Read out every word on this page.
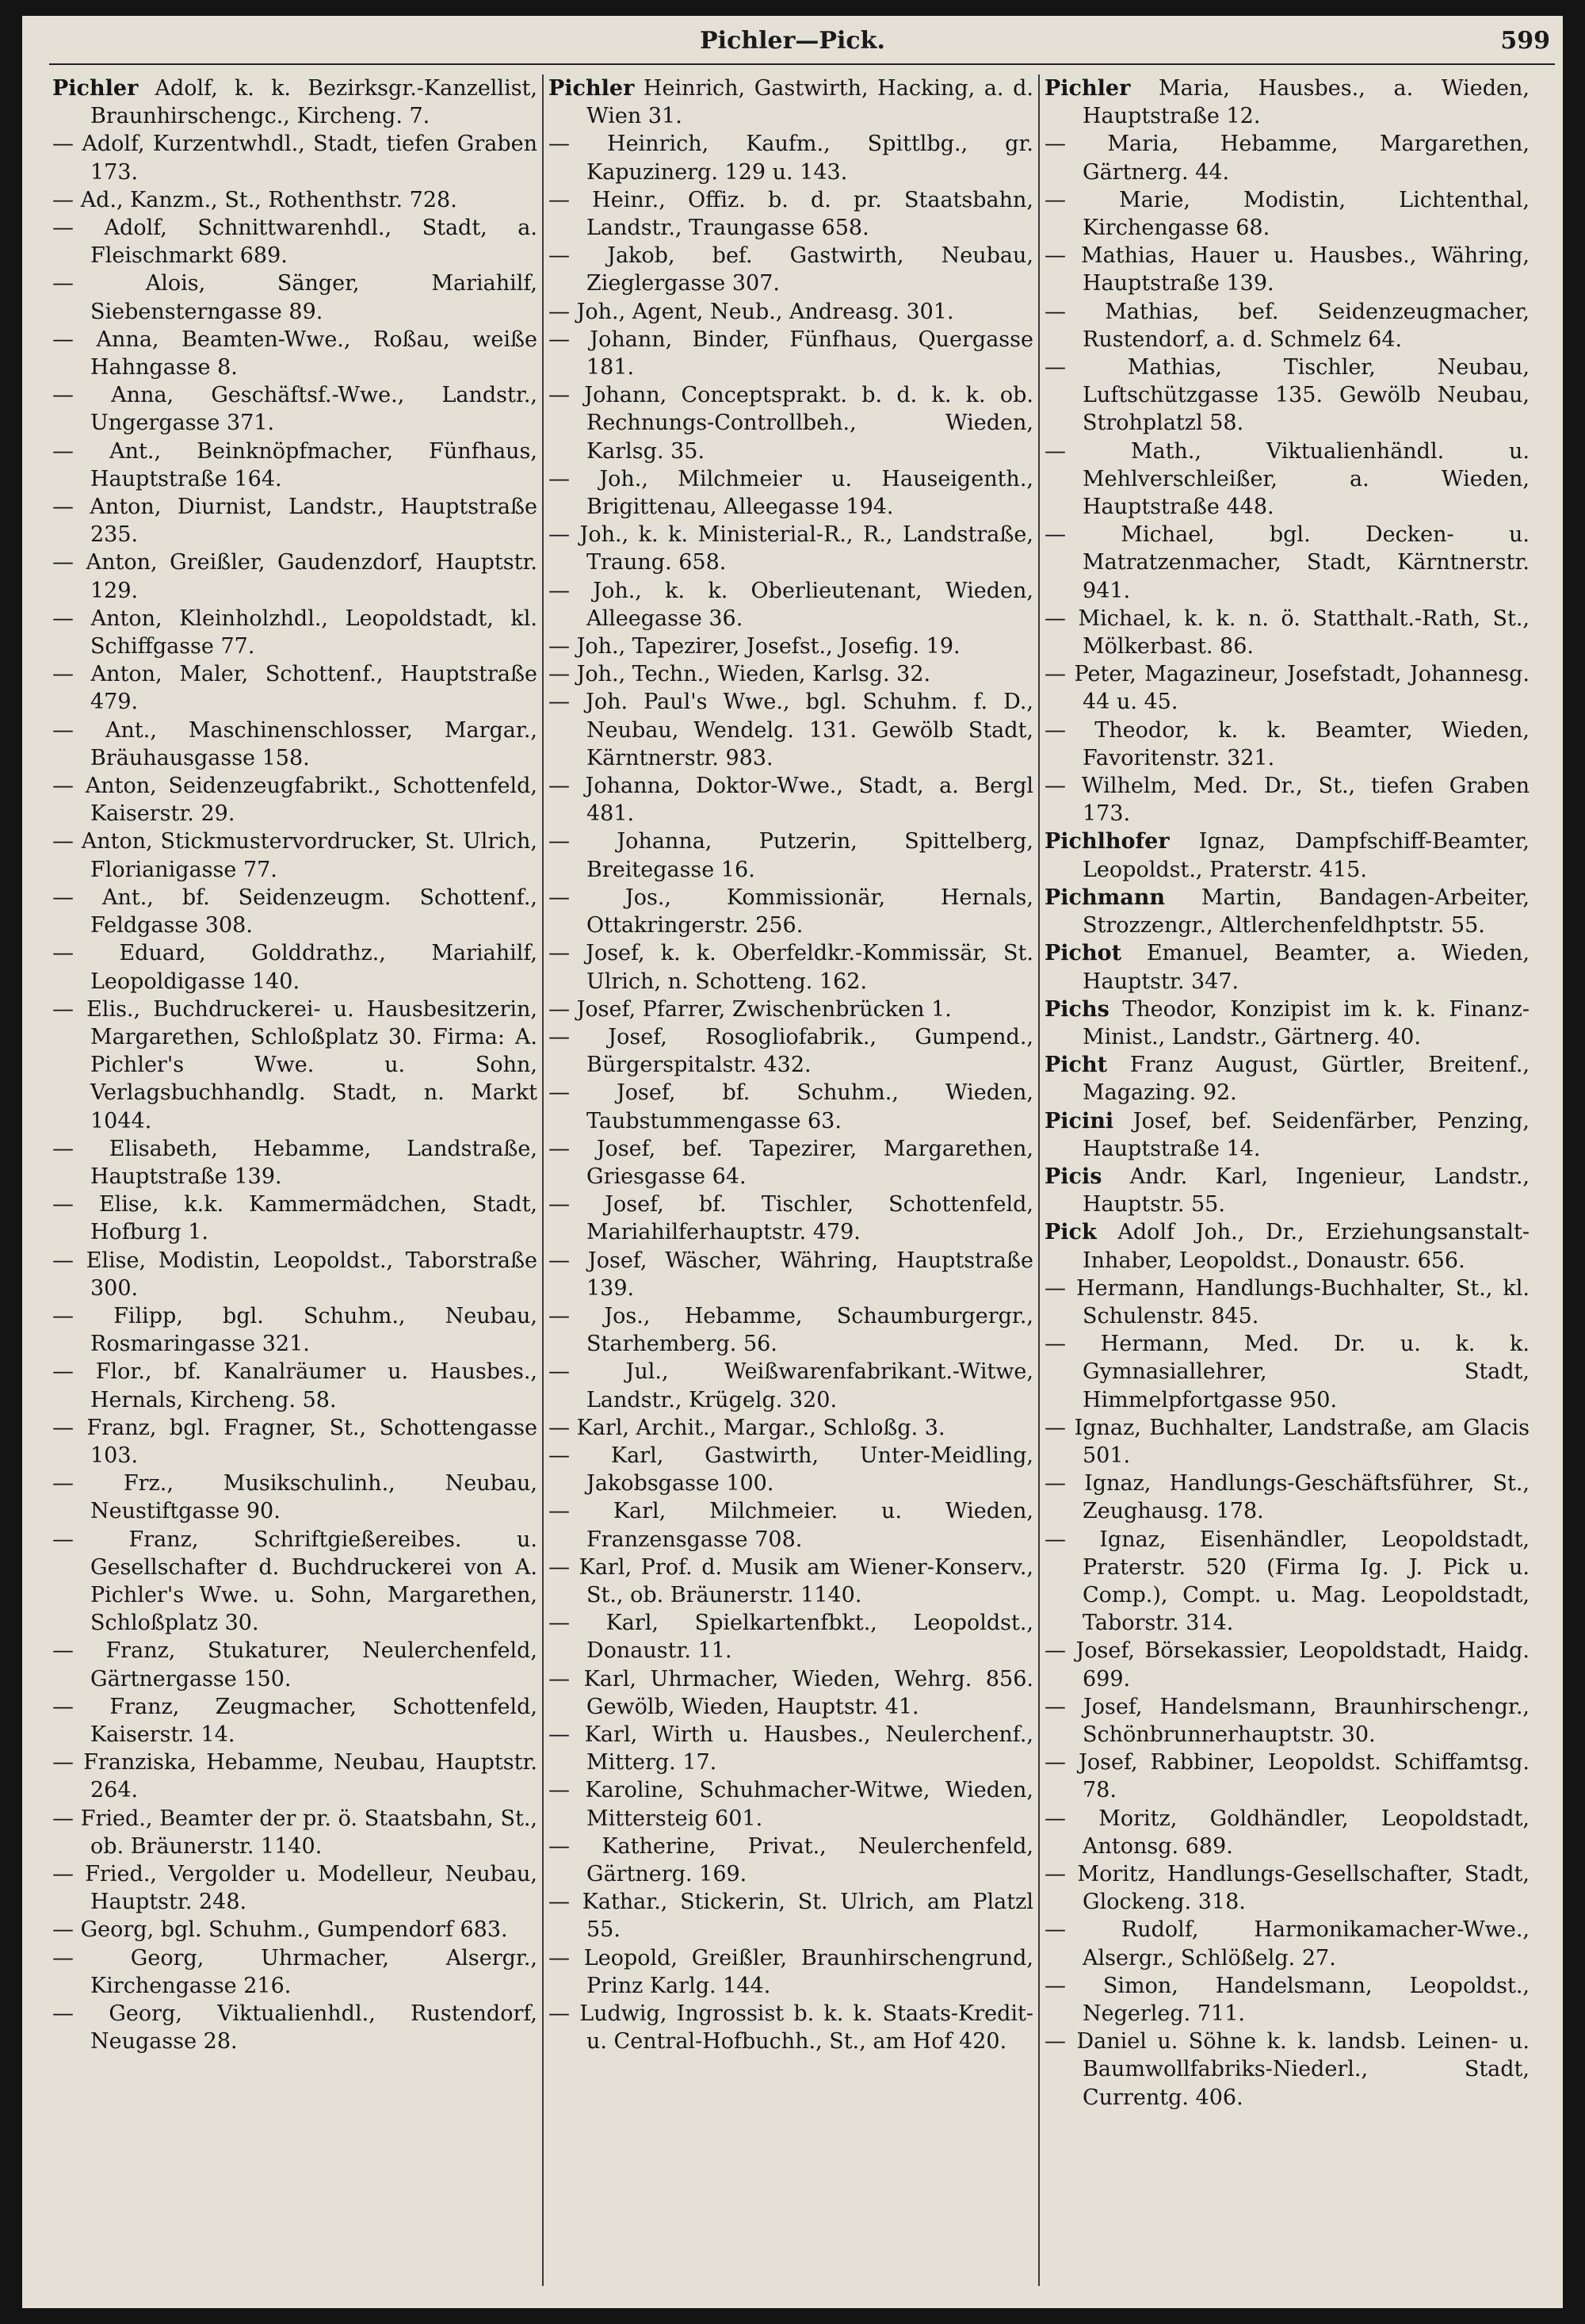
Pichler—Pick.	599
Pichler Adolf, k. k. Bezirksgr.-Kanzellist, Braunhirschengc., Kircheng. 7.
— Adolf, Kurzentwhdl., Stadt, tiefen Graben 173.
— Ad., Kanzm., St., Rothenthstr. 728.
— Adolf, Schnittwarenhdl., Stadt, a. Fleischmarkt 689.
— Alois, Sänger, Mariahilf, Siebensterngasse 89.
— Anna, Beamten-Wwe., Roßau, weiße Hahngasse 8.
— Anna, Geschäftsf.-Wwe., Landstr., Ungergasse 371.
— Ant., Beinknöpfmacher, Fünfhaus, Hauptstraße 164.
— Anton, Diurnist, Landstr., Hauptstraße 235.
— Anton, Greißler, Gaudenzdorf, Hauptstr. 129.
— Anton, Kleinholzhdl., Leopoldstadt, kl. Schiffgasse 77.
— Anton, Maler, Schottenf., Hauptstraße 479.
— Ant., Maschinenschlosser, Margar., Bräuhausgasse 158.
— Anton, Seidenzeugfabrikt., Schottenfeld, Kaiserstr. 29.
— Anton, Stickmustervordrucker, St. Ulrich, Florianigasse 77.
— Ant., bf. Seidenzeugm. Schottenf., Feldgasse 308.
— Eduard, Golddrathz., Mariahilf, Leopoldigasse 140.
— Elis., Buchdruckerei- u. Hausbesitzerin, Margarethen, Schloßplatz 30. Firma: A. Pichler's Wwe. u. Sohn, Verlagsbuchhandlg. Stadt, n. Markt 1044.
— Elisabeth, Hebamme, Landstraße, Hauptstraße 139.
— Elise, k.k. Kammermädchen, Stadt, Hofburg 1.
— Elise, Modistin, Leopoldst., Taborstraße 300.
— Filipp, bgl. Schuhm., Neubau, Rosmaringasse 321.
— Flor., bf. Kanalräumer u. Hausbes., Hernals, Kircheng. 58.
— Franz, bgl. Fragner, St., Schottengasse 103.
— Frz., Musikschulinh., Neubau, Neustiftgasse 90.
— Franz, Schriftgießereibes. u. Gesellschafter d. Buchdruckerei von A. Pichler's Wwe. u. Sohn, Margarethen, Schloßplatz 30.
— Franz, Stukaturer, Neulerchenfeld, Gärtnergasse 150.
— Franz, Zeugmacher, Schottenfeld, Kaiserstr. 14.
— Franziska, Hebamme, Neubau, Hauptstr. 264.
— Fried., Beamter der pr. ö. Staatsbahn, St., ob. Bräunerstr. 1140.
— Fried., Vergolder u. Modelleur, Neubau, Hauptstr. 248.
— Georg, bgl. Schuhm., Gumpendorf 683.
— Georg, Uhrmacher, Alsergr., Kirchengasse 216.
— Georg, Viktualienhdl., Rustendorf, Neugasse 28.
Pichler Heinrich, Gastwirth, Hacking, a. d. Wien 31.
— Heinrich, Kaufm., Spittlbg., gr. Kapuzinerg. 129 u. 143.
— Heinr., Offiz. b. d. pr. Staatsbahn, Landstr., Traungasse 658.
— Jakob, bef. Gastwirth, Neubau, Zieglergasse 307.
— Joh., Agent, Neub., Andreasg. 301.
— Johann, Binder, Fünfhaus, Quergasse 181.
— Johann, Conceptsprakt. b. d. k. k. ob. Rechnungs-Controllbeh., Wieden, Karlsg. 35.
— Joh., Milchmeier u. Hauseigenth., Brigittenau, Alleegasse 194.
— Joh., k. k. Ministerial-R., R., Landstraße, Traung. 658.
— Joh., k. k. Oberlieutenant, Wieden, Alleegasse 36.
— Joh., Tapezirer, Josefst., Josefig. 19.
— Joh., Techn., Wieden, Karlsg. 32.
— Joh. Paul's Wwe., bgl. Schuhm. f. D., Neubau, Wendelg. 131. Gewölb Stadt, Kärntnerstr. 983.
— Johanna, Doktor-Wwe., Stadt, a. Bergl 481.
— Johanna, Putzerin, Spittelberg, Breitegasse 16.
— Jos., Kommissionär, Hernals, Ottakringerstr. 256.
— Josef, k. k. Oberfeldkr.-Kommissär, St. Ulrich, n. Schotteng. 162.
— Josef, Pfarrer, Zwischenbrücken 1.
— Josef, Rosogliofabrik., Gumpend., Bürgerspitalstr. 432.
— Josef, bf. Schuhm., Wieden, Taubstummengasse 63.
— Josef, bef. Tapezirer, Margarethen, Griesgasse 64.
— Josef, bf. Tischler, Schottenfeld, Mariahilferhauptstr. 479.
— Josef, Wäscher, Währing, Hauptstraße 139.
— Jos., Hebamme, Schaumburgergr., Starhemberg. 56.
— Jul., Weißwarenfabrikant.-Witwe, Landstr., Krügelg. 320.
— Karl, Archit., Margar., Schloßg. 3.
— Karl, Gastwirth, Unter-Meidling, Jakobsgasse 100.
— Karl, Milchmeier. u. Wieden, Franzensgasse 708.
— Karl, Prof. d. Musik am Wiener-Konserv., St., ob. Bräunerstr. 1140.
— Karl, Spielkartenfbkt., Leopoldst., Donaustr. 11.
— Karl, Uhrmacher, Wieden, Wehrg. 856. Gewölb, Wieden, Hauptstr. 41.
— Karl, Wirth u. Hausbes., Neulerchenf., Mitterg. 17.
— Karoline, Schuhmacher-Witwe, Wieden, Mittersteig 601.
— Katherine, Privat., Neulerchenfeld, Gärtnerg. 169.
— Kathar., Stickerin, St. Ulrich, am Platzl 55.
— Leopold, Greißler, Braunhirschengrund, Prinz Karlg. 144.
— Ludwig, Ingrossist b. k. k. Staats-Kredit- u. Central-Hofbuchh., St., am Hof 420.
Pichler Maria, Hausbes., a. Wieden, Hauptstraße 12.
— Maria, Hebamme, Margarethen, Gärtnerg. 44.
— Marie, Modistin, Lichtenthal, Kirchengasse 68.
— Mathias, Hauer u. Hausbes., Währing, Hauptstraße 139.
— Mathias, bef. Seidenzeugmacher, Rustendorf, a. d. Schmelz 64.
— Mathias, Tischler, Neubau, Luftschützgasse 135. Gewölb Neubau, Strohplatzl 58.
— Math., Viktualienhändl. u. Mehlverschleißer, a. Wieden, Hauptstraße 448.
— Michael, bgl. Decken- u. Matratzenmacher, Stadt, Kärntnerstr. 941.
— Michael, k. k. n. ö. Statthalt.-Rath, St., Mölkerbast. 86.
— Peter, Magazineur, Josefstadt, Johannesg. 44 u. 45.
— Theodor, k. k. Beamter, Wieden, Favoritenstr. 321.
— Wilhelm, Med. Dr., St., tiefen Graben 173.
Pichlhofer Ignaz, Dampfschiff-Beamter, Leopoldst., Praterstr. 415.
Pichmann Martin, Bandagen-Arbeiter, Strozzengr., Altlerchenfeldhptstr. 55.
Pichot Emanuel, Beamter, a. Wieden, Hauptstr. 347.
Pichs Theodor, Konzipist im k. k. Finanz-Minist., Landstr., Gärtnerg. 40.
Picht Franz August, Gürtler, Breitenf., Magazing. 92.
Picini Josef, bef. Seidenfärber, Penzing, Hauptstraße 14.
Picis Andr. Karl, Ingenieur, Landstr., Hauptstr. 55.
Pick Adolf Joh., Dr., Erziehungsanstalt-Inhaber, Leopoldst., Donaustr. 656.
— Hermann, Handlungs-Buchhalter, St., kl. Schulenstr. 845.
— Hermann, Med. Dr. u. k. k. Gymnasiallehrer, Stadt, Himmelpfortgasse 950.
— Ignaz, Buchhalter, Landstraße, am Glacis 501.
— Ignaz, Handlungs-Geschäftsführer, St., Zeughausg. 178.
— Ignaz, Eisenhändler, Leopoldstadt, Praterstr. 520 (Firma Ig. J. Pick u. Comp.), Compt. u. Mag. Leopoldstadt, Taborstr. 314.
— Josef, Börsekassier, Leopoldstadt, Haidg. 699.
— Josef, Handelsmann, Braunhirschengr., Schönbrunnerhauptstr. 30.
— Josef, Rabbiner, Leopoldst. Schiffamtsg. 78.
— Moritz, Goldhändler, Leopoldstadt, Antonsg. 689.
— Moritz, Handlungs-Gesellschafter, Stadt, Glockeng. 318.
— Rudolf, Harmonikamacher-Wwe., Alsergr., Schlößelg. 27.
— Simon, Handelsmann, Leopoldst., Negerleg. 711.
— Daniel u. Söhne k. k. landsb. Leinen- u. Baumwollfabriks-Niederl., Stadt, Currentg. 406.
